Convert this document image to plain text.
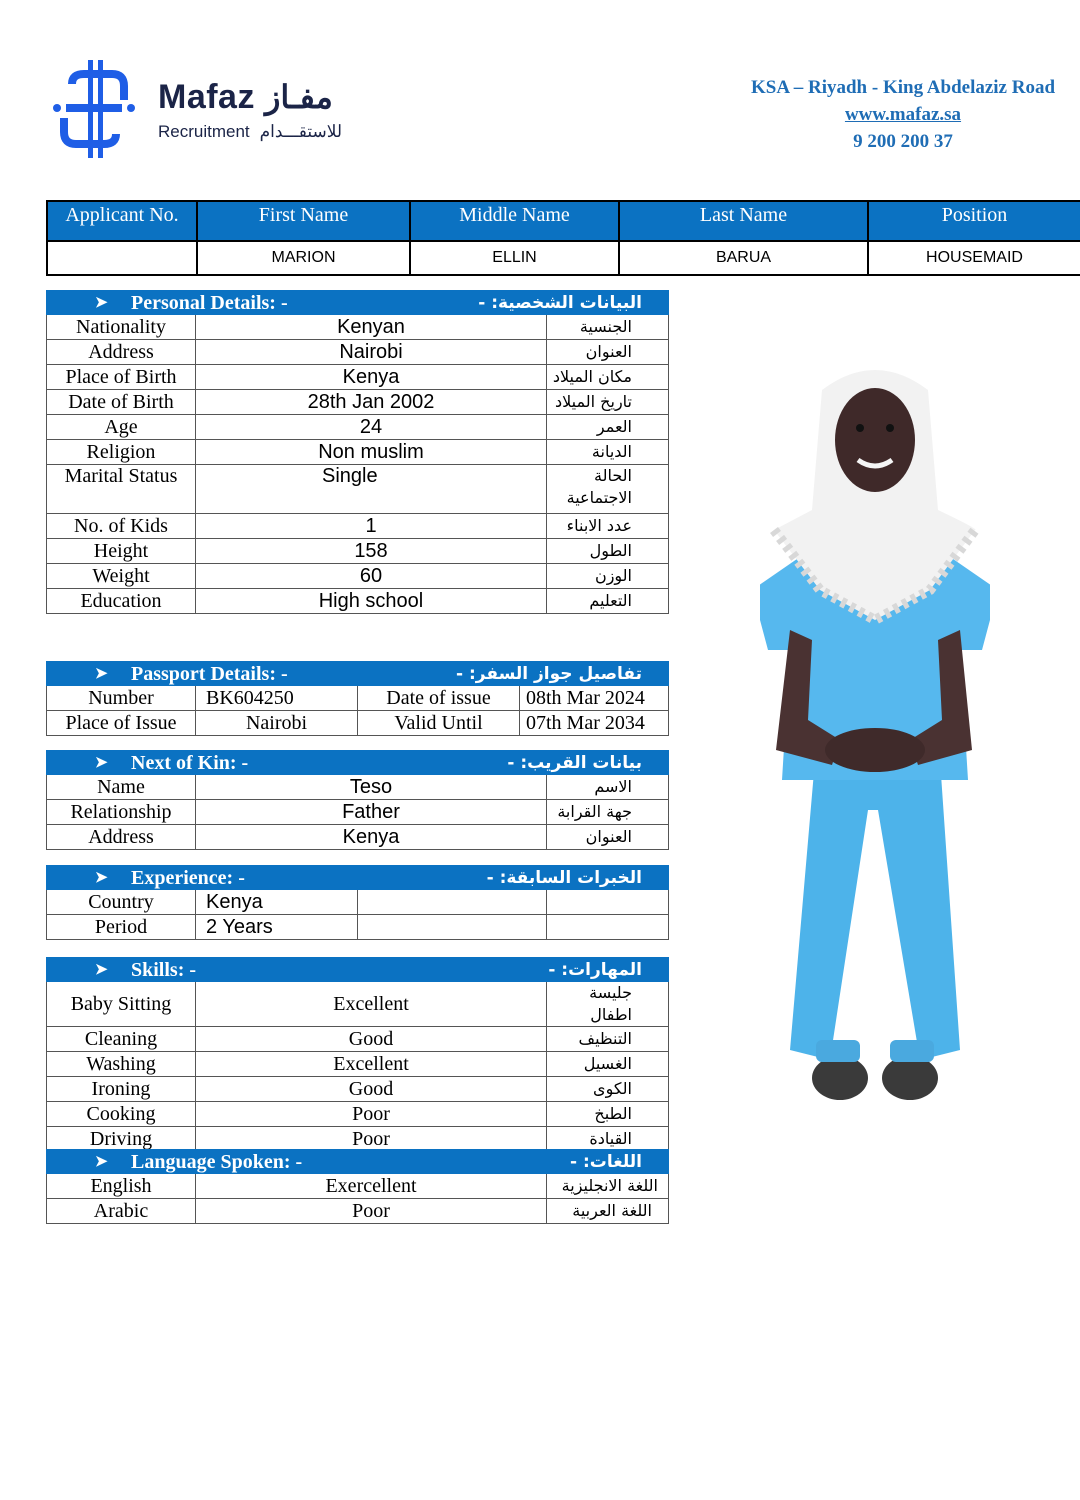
Mafaz مفـاز
Recruitment للاستقـــدام
KSA – Riyadh - King Abdelaziz Road
www.mafaz.sa
9 200 200 37
Applicant No.	First Name	Middle Name	Last Name	Position
	MARION	ELLIN	BARUA	HOUSEMAID
➤ Personal Details: - البيانات الشخصية: -		

Nationality	Kenyan	الجنسية
Address	Nairobi	العنوان
Place of Birth	Kenya	مكان الميلاد
Date of Birth	28th Jan 2002	تاريخ الميلاد
Age	24	العمر
Religion	Non muslim	الديانة
Marital Status	Single	الحالة الاجتماعية
No. of Kids	1	عدد الابناء
Height	158	الطول
Weight	60	الوزن
Education	High school	التعليم
➤ Passport Details: - تفاصيل جواز السفر: -			

Number	BK604250	Date of issue	08th Mar 2024
Place of Issue	Nairobi	Valid Until	07th Mar 2034
➤ Next of Kin: - بيانات القريب: -		

Name	Teso	الاسم
Relationship	Father	جهة القرابة
Address	Kenya	العنوان
➤ Experience: - الخبرات السابقة: -			

Country	Kenya		
Period	2 Years		
➤ Skills: - المهارات: -		

Baby Sitting	Excellent	جليسة اطفال
Cleaning	Good	التنظيف
Washing	Excellent	الغسيل
Ironing	Good	الكوى
Cooking	Poor	الطبخ
Driving	Poor	القيادة
➤ Language Spoken: - اللغات: -		

English	Exercellent	اللغة الانجليزية
Arabic	Poor	اللغة العربية
